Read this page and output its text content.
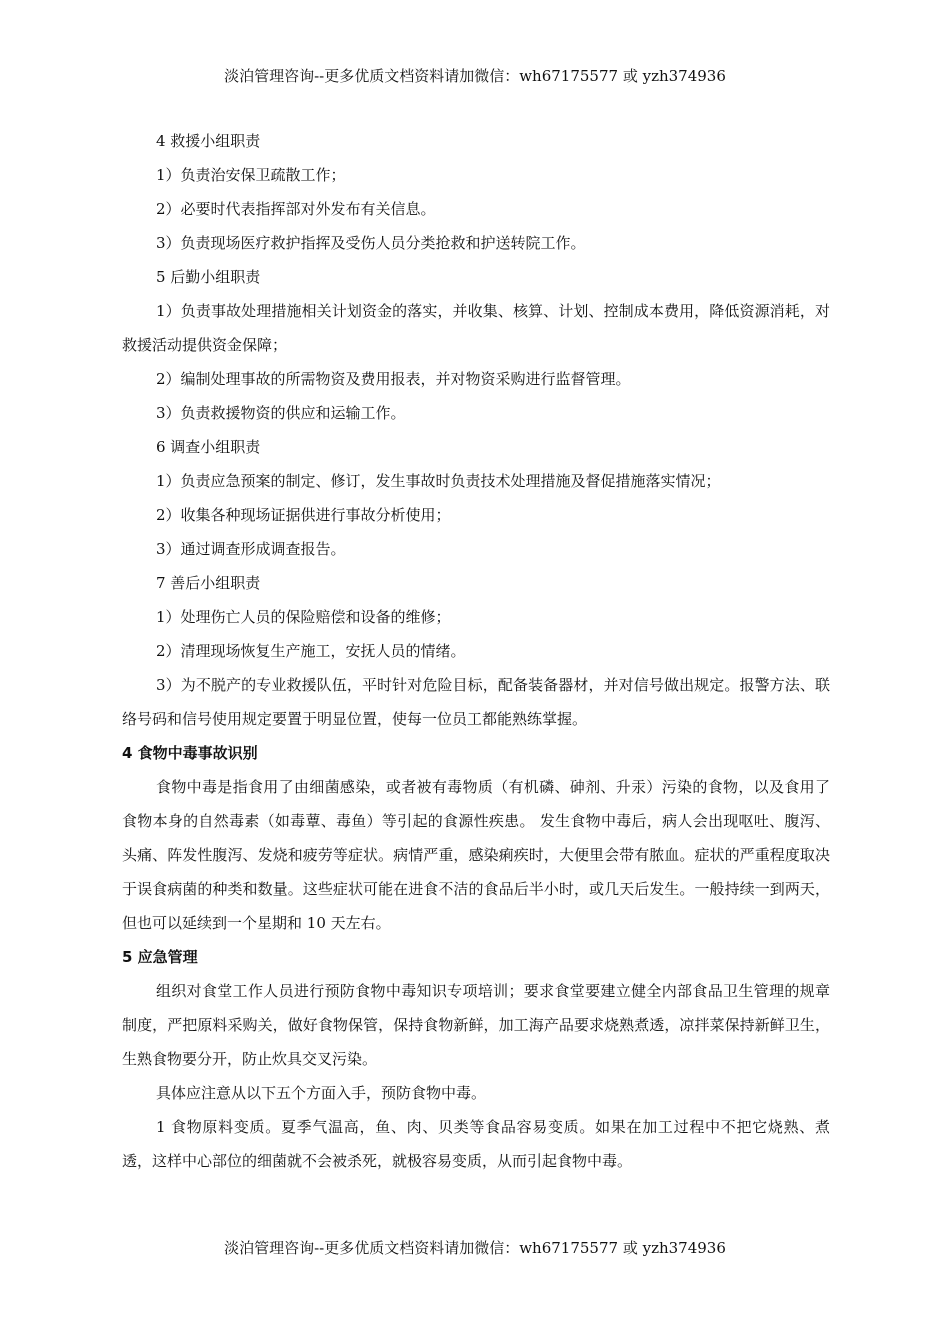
淡泊管理咨询--更多优质文档资料请加微信：wh67175577 或 yzh374936
4 救援小组职责
1）负责治安保卫疏散工作；
2）必要时代表指挥部对外发布有关信息。
3）负责现场医疗救护指挥及受伤人员分类抢救和护送转院工作。
5 后勤小组职责
1）负责事故处理措施相关计划资金的落实，并收集、核算、计划、控制成本费用，降低资源消耗，对救援活动提供资金保障；
2）编制处理事故的所需物资及费用报表，并对物资采购进行监督管理。
3）负责救援物资的供应和运输工作。
6 调查小组职责
1）负责应急预案的制定、修订，发生事故时负责技术处理措施及督促措施落实情况；
2）收集各种现场证据供进行事故分析使用；
3）通过调查形成调查报告。
7 善后小组职责
1）处理伤亡人员的保险赔偿和设备的维修；
2）清理现场恢复生产施工，安抚人员的情绪。
3）为不脱产的专业救援队伍，平时针对危险目标，配备装备器材，并对信号做出规定。报警方法、联络号码和信号使用规定要置于明显位置，使每一位员工都能熟练掌握。
4 食物中毒事故识别
食物中毒是指食用了由细菌感染，或者被有毒物质（有机磷、砷剂、升汞）污染的食物，以及食用了食物本身的自然毒素（如毒蕈、毒鱼）等引起的食源性疾患。 发生食物中毒后，病人会出现呕吐、腹泻、头痛、阵发性腹泻、发烧和疲劳等症状。病情严重，感染痢疾时，大便里会带有脓血。症状的严重程度取决于误食病菌的种类和数量。这些症状可能在进食不洁的食品后半小时，或几天后发生。一般持续一到两天，但也可以延续到一个星期和 10 天左右。
5 应急管理
组织对食堂工作人员进行预防食物中毒知识专项培训；要求食堂要建立健全内部食品卫生管理的规章制度，严把原料采购关，做好食物保管，保持食物新鲜，加工海产品要求烧熟煮透，凉拌菜保持新鲜卫生，生熟食物要分开，防止炊具交叉污染。
具体应注意从以下五个方面入手，预防食物中毒。
1 食物原料变质。夏季气温高，鱼、肉、贝类等食品容易变质。如果在加工过程中不把它烧熟、煮透，这样中心部位的细菌就不会被杀死，就极容易变质，从而引起食物中毒。
淡泊管理咨询--更多优质文档资料请加微信：wh67175577 或 yzh374936
